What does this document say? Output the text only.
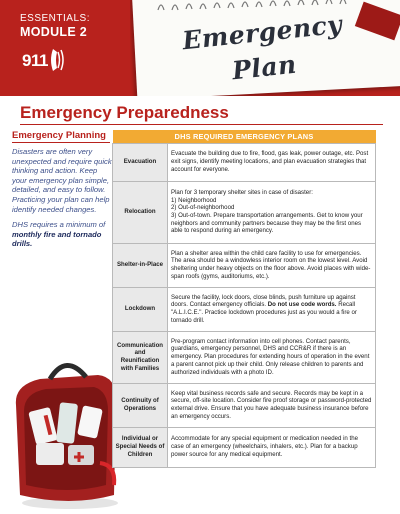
Emergency
Plan
ESSENTIALS:
MODULE 2
911
Emergency Preparedness
Emergency Planning

Disasters are often very unexpected and require quick thinking and action. Keep your emergency plan simple, detailed, and easy to follow. Practicing your plan can help identify needed changes.

DHS requires a minimum of monthly fire and tornado drills.

DHS REQUIRED EMERGENCY PLANS	
Evacuation	Evacuate the building due to fire, flood, gas leak, power outage, etc. Post exit signs, identify meeting locations, and plan evacuation strategies that account for everyone.
Relocation	Plan for 3 temporary shelter sites in case of disaster:
1) Neighborhood
2) Out-of-neighborhood
3) Out-of-town. Prepare transportation arrangements. Get to know your neighbors and community partners because they may be the first ones able to respond during an emergency.

Shelter-in-Place	Plan a shelter area within the child care facility to use for emergencies. The area should be a windowless interior room on the lowest level. Avoid sheltering under heavy objects on the floor above. Avoid places with wide-span roofs (gyms, auditoriums, etc.).
Lockdown	Secure the facility, lock doors, close blinds, push furniture up against doors. Contact emergency officials. Do not use code words. Recall "A.L.I.C.E.". Practice lockdown procedures just as you would a fire or tornado drill.
Communication and Reunification with Families	Pre-program contact information into cell phones. Contact parents, guardians, emergency personnel, DHS and CCR&R if there is an emergency. Plan procedures for extending hours of operation in the event a parent cannot pick up their child. Only release children to parents and authorized individuals with a photo ID.
Continuity of Operations	Keep vital business records safe and secure. Records may be kept in a secure, off-site location. Consider fire proof storage or password-protected external drive. Ensure that you have adequate business insurance before an emergency occurs.
Individual or Special Needs of Children	Accommodate for any special equipment or medication needed in the case of an emergency (wheelchairs, inhalers, etc.). Plan for a backup power source for any medical equipment.
